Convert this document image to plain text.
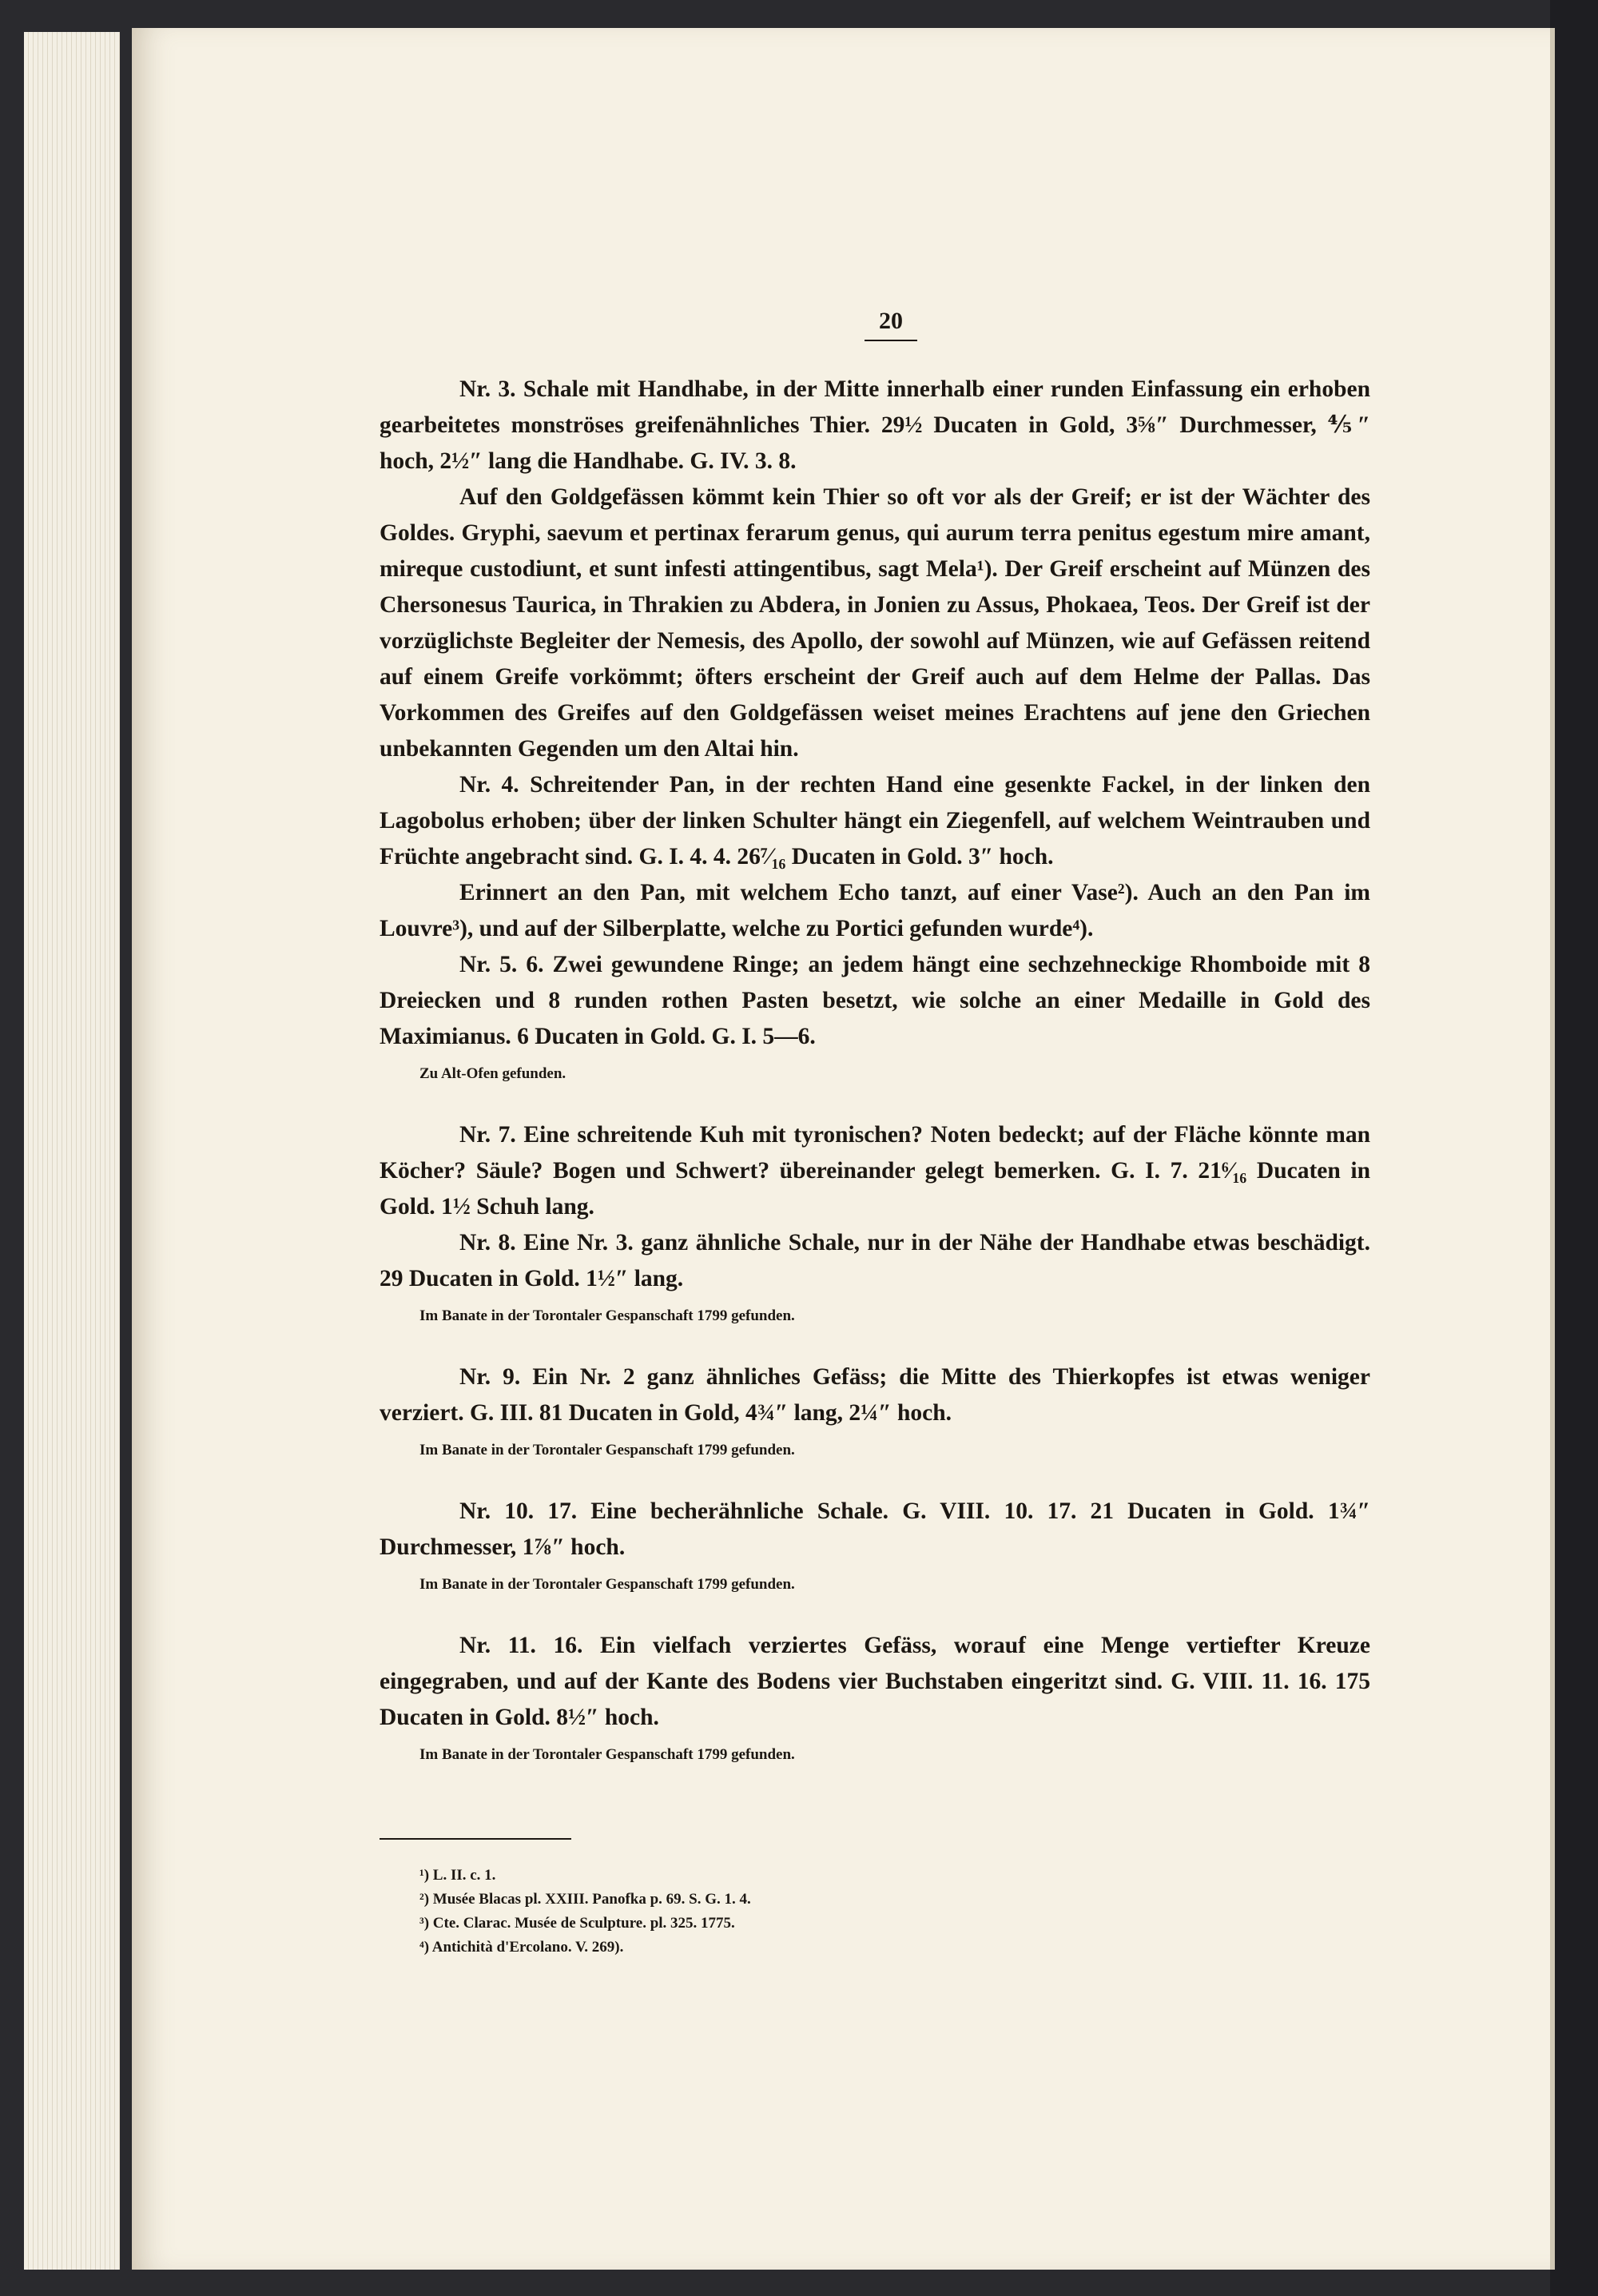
20

Nr. 3. Schale mit Handhabe, in der Mitte innerhalb einer runden Einfassung ein erhoben gearbeitetes monströses greifenähnliches Thier. 29½ Ducaten in Gold, 3⅝″ Durchmesser, ⅘″ hoch, 2½″ lang die Handhabe. G. IV. 3. 8.

Auf den Goldgefässen kömmt kein Thier so oft vor als der Greif; er ist der Wächter des Goldes. Gryphi, saevum et pertinax ferarum genus, qui aurum terra penitus egestum mire amant, mireque custodiunt, et sunt infesti attingentibus, sagt Mela¹). Der Greif erscheint auf Münzen des Chersonesus Taurica, in Thrakien zu Abdera, in Jonien zu Assus, Phokaea, Teos. Der Greif ist der vorzüglichste Begleiter der Nemesis, des Apollo, der sowohl auf Münzen, wie auf Gefässen reitend auf einem Greife vorkömmt; öfters erscheint der Greif auch auf dem Helme der Pallas. Das Vorkommen des Greifes auf den Goldgefässen weiset meines Erachtens auf jene den Griechen unbekannten Gegenden um den Altai hin.

Nr. 4. Schreitender Pan, in der rechten Hand eine gesenkte Fackel, in der linken den Lagobolus erhoben; über der linken Schulter hängt ein Ziegenfell, auf welchem Weintrauben und Früchte angebracht sind. G. I. 4. 4. 26⁷⁄₁₆ Ducaten in Gold. 3″ hoch.

Erinnert an den Pan, mit welchem Echo tanzt, auf einer Vase²). Auch an den Pan im Louvre³), und auf der Silberplatte, welche zu Portici gefunden wurde⁴).

Nr. 5. 6. Zwei gewundene Ringe; an jedem hängt eine sechzehneckige Rhomboide mit 8 Dreiecken und 8 runden rothen Pasten besetzt, wie solche an einer Medaille in Gold des Maximianus. 6 Ducaten in Gold. G. I. 5—6.

Zu Alt-Ofen gefunden.

Nr. 7. Eine schreitende Kuh mit tyronischen? Noten bedeckt; auf der Fläche könnte man Köcher? Säule? Bogen und Schwert? übereinander gelegt bemerken. G. I. 7. 21⁶⁄₁₆ Ducaten in Gold. 1½ Schuh lang.

Nr. 8. Eine Nr. 3. ganz ähnliche Schale, nur in der Nähe der Handhabe etwas beschädigt. 29 Ducaten in Gold. 1½″ lang.

Im Banate in der Torontaler Gespanschaft 1799 gefunden.

Nr. 9. Ein Nr. 2 ganz ähnliches Gefäss; die Mitte des Thierkopfes ist etwas weniger verziert. G. III. 81 Ducaten in Gold, 4¾″ lang, 2¼″ hoch.

Im Banate in der Torontaler Gespanschaft 1799 gefunden.

Nr. 10. 17. Eine becherähnliche Schale. G. VIII. 10. 17. 21 Ducaten in Gold. 1¾″ Durchmesser, 1⅞″ hoch.

Im Banate in der Torontaler Gespanschaft 1799 gefunden.

Nr. 11. 16. Ein vielfach verziertes Gefäss, worauf eine Menge vertiefter Kreuze eingegraben, und auf der Kante des Bodens vier Buchstaben eingeritzt sind. G. VIII. 11. 16. 175 Ducaten in Gold. 8½″ hoch.

Im Banate in der Torontaler Gespanschaft 1799 gefunden.
¹) L. II. c. 1.
²) Musée Blacas pl. XXIII. Panofka p. 69. S. G. 1. 4.
³) Cte. Clarac. Musée de Sculpture. pl. 325. 1775.
⁴) Antichità d'Ercolano. V. 269).
